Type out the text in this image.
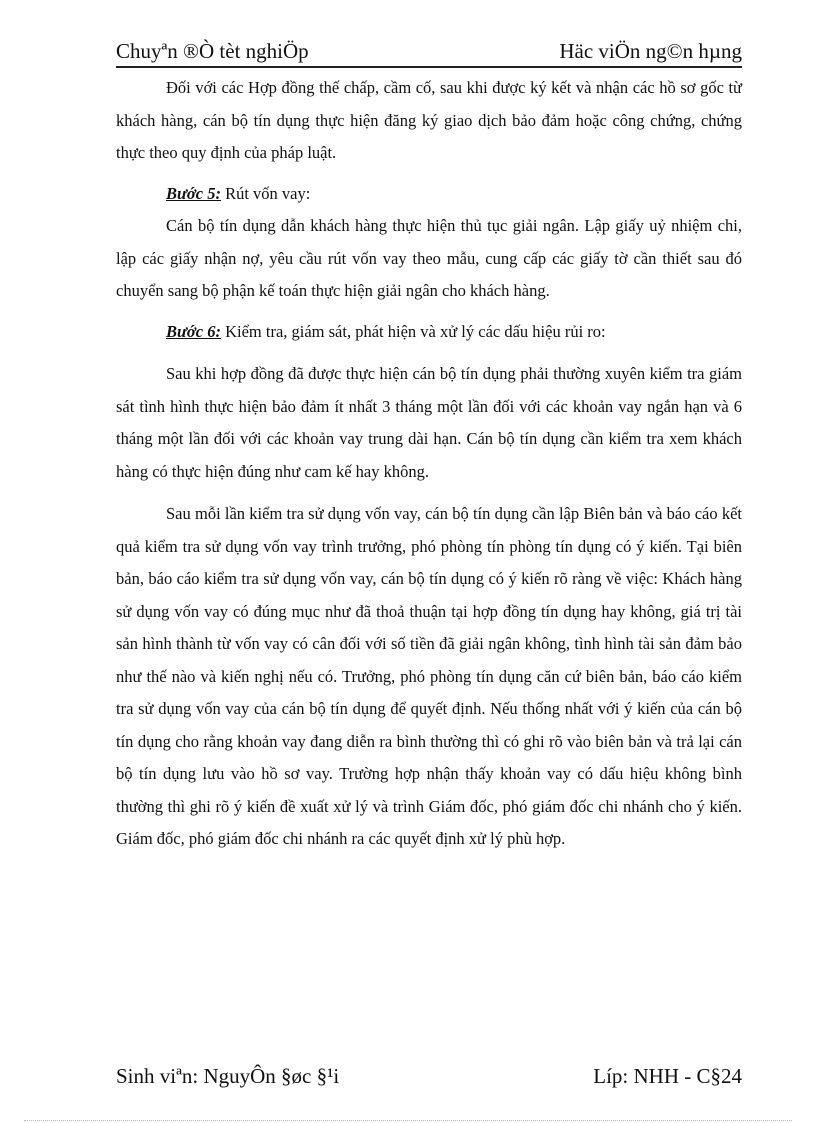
Chuyªn ®Ò tèt nghiÖp	Häc viÖn ng©n hµng

Đối với các Hợp đồng thế chấp, cầm cố, sau khi được ký kết và nhận các hồ sơ gốc từ khách hàng, cán bộ tín dụng thực hiện đăng ký giao dịch bảo đảm hoặc công chứng, chứng thực theo quy định của pháp luật.

Bước 5: Rút vốn vay:

Cán bộ tín dụng dẫn khách hàng thực hiện thủ tục giải ngân. Lập giấy uỷ nhiệm chi, lập các giấy nhận nợ, yêu cầu rút vốn vay theo mẫu, cung cấp các giấy tờ cần thiết sau đó chuyển sang bộ phận kế toán thực hiện giải ngân cho khách hàng.

Bước 6: Kiểm tra, giám sát, phát hiện và xử lý các dấu hiệu rủi ro:

Sau khi hợp đồng đã được thực hiện cán bộ tín dụng phải thường xuyên kiểm tra giám sát tình hình thực hiện bảo đảm ít nhất 3 tháng một lần đối với các khoản vay ngắn hạn và 6 tháng một lần đối với các khoản vay trung dài hạn. Cán bộ tín dụng cần kiểm tra xem khách hàng có thực hiện đúng như cam kế hay không.

Sau mỗi lần kiểm tra sử dụng vốn vay, cán bộ tín dụng cần lập Biên bản và báo cáo kết quả kiểm tra sử dụng vốn vay trình trưởng, phó phòng tín phòng tín dụng có ý kiến. Tại biên bản, báo cáo kiểm tra sử dụng vốn vay, cán bộ tín dụng có ý kiến rõ ràng về việc: Khách hàng sử dụng vốn vay có đúng mục như đã thoả thuận tại hợp đồng tín dụng hay không, giá trị tài sản hình thành từ vốn vay có cân đối với số tiền đã giải ngân không, tình hình tài sản đảm bảo như thế nào và kiến nghị nếu có. Trưởng, phó phòng tín dụng căn cứ biên bản, báo cáo kiểm tra sử dụng vốn vay của cán bộ tín dụng để quyết định. Nếu thống nhất với ý kiến của cán bộ tín dụng cho rằng khoản vay đang diễn ra bình thường thì có ghi rõ vào biên bản và trả lại cán bộ tín dụng lưu vào hồ sơ vay. Trường hợp nhận thấy khoản vay có dấu hiệu không bình thường thì ghi rõ ý kiến đề xuất xử lý và trình Giám đốc, phó giám đốc chi nhánh cho ý kiến. Giám đốc, phó giám đốc chi nhánh ra các quyết định xử lý phù hợp.

Sinh viªn: NguyÔn §øc §¹i	Líp: NHH - C§24
